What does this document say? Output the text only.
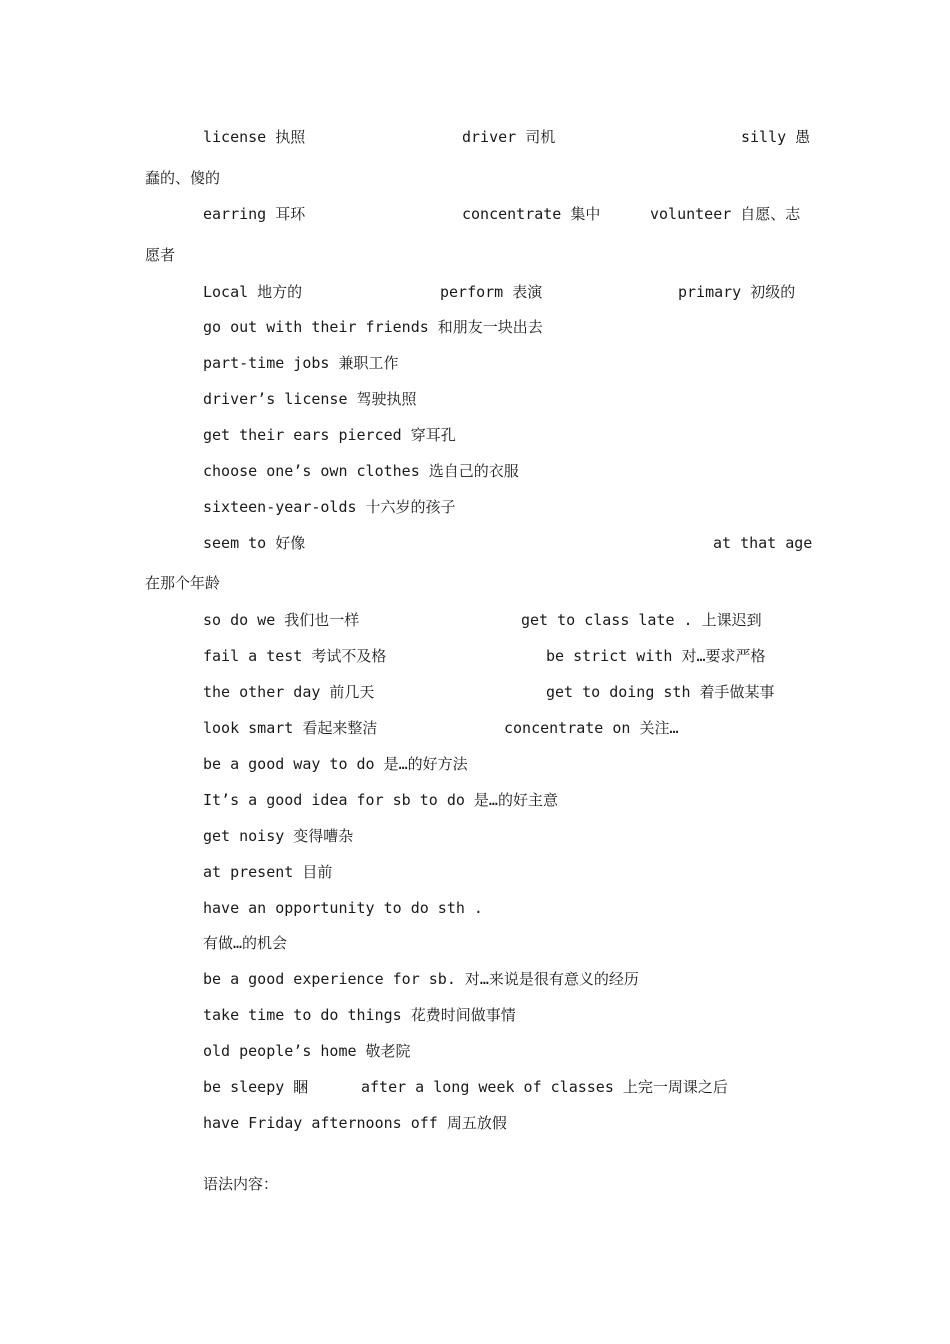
license 执照	driver 司机	silly 愚
蠢的、傻的
earring 耳环	concentrate 集中	volunteer 自愿、志
愿者
Local 地方的	perform 表演	primary 初级的
go out with their friends 和朋友一块出去
part-time jobs 兼职工作
driver’s license 驾驶执照
get their ears pierced 穿耳孔
choose one’s own clothes 选自己的衣服
sixteen-year-olds 十六岁的孩子
seem to 好像	at that age
在那个年龄
so do we 我们也一样	get to class late . 上课迟到
fail a test 考试不及格	be strict with 对…要求严格
the other day 前几天	get to doing sth 着手做某事
look smart 看起来整洁	concentrate on 关注…
be a good way to do 是…的好方法
It’s a good idea for sb to do 是…的好主意
get noisy 变得嘈杂
at present 目前
have an opportunity to do sth .
有做…的机会
be a good experience for sb. 对…来说是很有意义的经历
take time to do things 花费时间做事情
old people’s home 敬老院
be sleepy 睏	after a long week of classes 上完一周课之后
have Friday afternoons off 周五放假
语法内容：
